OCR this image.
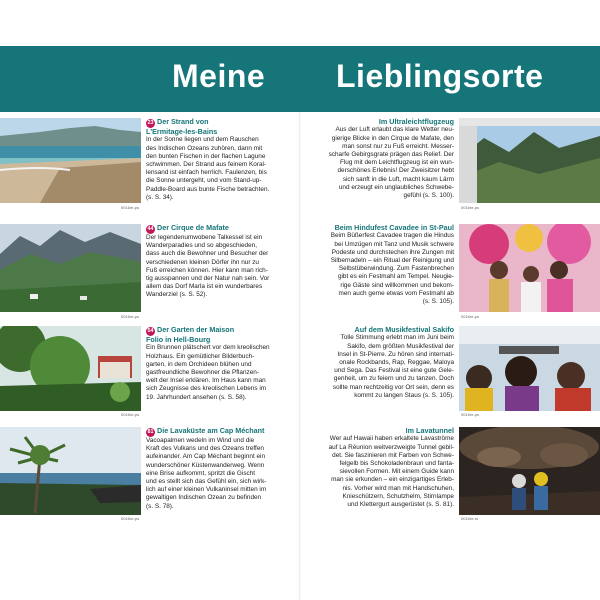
Meine Lieblingsorte
0016re-ps
23 Der Strand von
L'Ermitage-les-Bains
In der Sonne liegen und dem Rauschen
des Indischen Ozeans zuhören, dann mit
den bunten Fischen in der flachen Lagune
schwimmen. Der Strand aus feinem Koral-
lensand ist einfach herrlich. Faulenzen, bis
die Sonne untergeht, und vom Stand-up-
Paddle-Board aus bunte Fische betrachten.
(s. S. 34).
0016re-ps
44 Der Cirque de Mafate
Der legendenumwobene Talkessel ist ein
Wanderparadies und so abgeschieden,
dass auch die Bewohner und Besucher der
verschiedenen kleinen Dörfer ihn nur zu
Fuß erreichen können. Hier kann man rich-
tig ausspannen und der Natur nah sein. Vor
allem das Dorf Marla ist ein wunderbares
Wanderziel (s. S. 52).
0016re-ps
54 Der Garten der Maison
Folio in Hell-Bourg
Ein Brunnen plätschert vor dem kreolischen
Holzhaus. Ein gemütlicher Bilderbuch-
garten, in dem Orchideen blühen und
gastfreundliche Bewohner die Pflanzen-
welt der Insel erklären. Im Haus kann man
sich Zeugnisse des kreolischen Lebens im
19. Jahrhundert ansehen (s. S. 58).
0016re-ps
81 Die Lavaküste am Cap Méchant
Vacoapalmen wedeln im Wind und die
Kraft des Vulkans und des Ozeans treffen
aufeinander. Am Cap Méchant beginnt ein
wunderschöner Küstenwanderweg. Wenn
eine Brise aufkommt, spritzt die Gischt
und es stellt sich das Gefühl ein, sich wirk-
lich auf einer kleinen Vulkaninsel mitten im
gewaltigen Indischen Ozean zu befinden
(s. S. 78).
Im Ultraleichtflugzeug
Aus der Luft erlaubt das klare Wetter neu-
gierige Blicke in den Cirque de Mafate, den
man sonst nur zu Fuß erreicht. Messer-
scharfe Gebirgsgrate prägen das Relief. Der
Flug mit dem Leichtflugzeug ist ein wun-
derschönes Erlebnis! Der Zweisitzer hebt
sich sanft in die Luft, macht kaum Lärm
und erzeugt ein unglaubliches Schwebe-
gefühl (s. S. 100).
0016re-ps
Beim Hindufest Cavadee in St-Paul
Beim Büßerfest Cavadee tragen die Hindus
bei Umzügen mit Tanz und Musik schwere
Podeste und durchstechen ihre Zungen mit
Silbernadeln – ein Ritual der Reinigung und
Selbstüberwindung. Zum Fastenbrechen
gibt es ein Festmahl am Tempel. Neugie-
rige Gäste sind willkommen und bekom-
men auch gerne etwas vom Festmahl ab
(s. S. 105).
0016re-ps
Auf dem Musikfestival Sakifo
Tolle Stimmung erlebt man im Juni beim
Sakifo, dem größten Musikfestival der
Insel in St-Pierre. Zu hören sind internati-
onale Rockbands, Rap, Reggae, Maloya
und Sega. Das Festival ist eine gute Gele-
genheit, um zu feiern und zu tanzen. Doch
sollte man rechtzeitig vor Ort sein, denn es
kommt zu langen Staus (s. S. 105).
0016re-ps
Im Lavatunnel
Wer auf Hawaii haben erkaltete Lavaströme
auf La Réunion weitverzweigte Tunnel gebil-
det. Sie faszinieren mit Farben von Schwe-
felgelb bis Schokoladenbraun und fanta-
sievollen Formen. Mit einem Guide kann
man sie erkunden – ein einzigartiges Erleb-
nis. Vorher wird man mit Handschuhen,
Knieschützern, Schutzhelm, Stirnlampe
und Klettergurt ausgerüstet (s. S. 81).
0016re-rs
